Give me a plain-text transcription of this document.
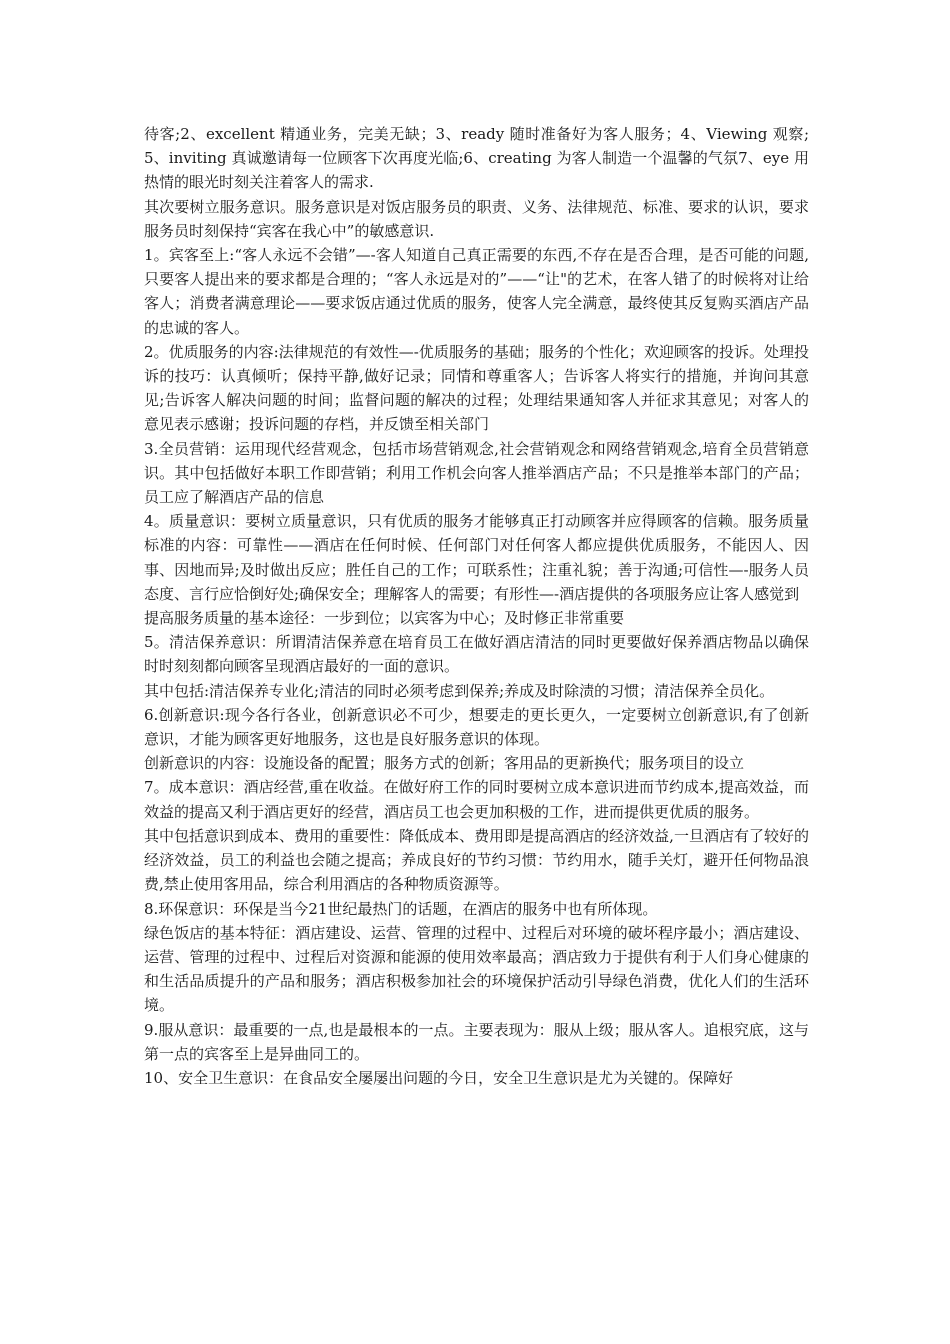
待客;2、excellent 精通业务，完美无缺；3、ready 随时准备好为客人服务；4、Viewing 观察;5、inviting 真诚邀请每一位顾客下次再度光临;6、creating 为客人制造一个温馨的气氛7、eye 用热情的眼光时刻关注着客人的需求.

其次要树立服务意识。服务意识是对饭店服务员的职责、义务、法律规范、标准、要求的认识，要求服务员时刻保持“宾客在我心中”的敏感意识.

1。宾客至上:“客人永远不会错”—-客人知道自己真正需要的东西,不存在是否合理，是否可能的问题,只要客人提出来的要求都是合理的；“客人永远是对的”——“让"的艺术，在客人错了的时候将对让给客人；消费者满意理论——要求饭店通过优质的服务，使客人完全满意，最终使其反复购买酒店产品的忠诚的客人。

2。优质服务的内容:法律规范的有效性—-优质服务的基础；服务的个性化；欢迎顾客的投诉。处理投诉的技巧：认真倾听；保持平静,做好记录；同情和尊重客人；告诉客人将实行的措施，并询问其意见;告诉客人解决问题的时间；监督问题的解决的过程；处理结果通知客人并征求其意见；对客人的意见表示感谢；投诉问题的存档，并反馈至相关部门

3.全员营销：运用现代经营观念，包括市场营销观念,社会营销观念和网络营销观念,培育全员营销意识。其中包括做好本职工作即营销；利用工作机会向客人推举酒店产品；不只是推举本部门的产品；员工应了解酒店产品的信息

4。质量意识：要树立质量意识，只有优质的服务才能够真正打动顾客并应得顾客的信赖。服务质量标准的内容：可靠性——酒店在任何时候、任何部门对任何客人都应提供优质服务，不能因人、因事、因地而异;及时做出反应；胜任自己的工作；可联系性；注重礼貌；善于沟通;可信性—-服务人员态度、言行应恰倒好处;确保安全；理解客人的需要；有形性—-酒店提供的各项服务应让客人感觉到

提高服务质量的基本途径：一步到位；以宾客为中心；及时修正非常重要

5。清洁保养意识：所谓清洁保养意在培育员工在做好酒店清洁的同时更要做好保养酒店物品以确保时时刻刻都向顾客呈现酒店最好的一面的意识。

其中包括:清洁保养专业化;清洁的同时必须考虑到保养;养成及时除渍的习惯；清洁保养全员化。

6.创新意识:现今各行各业，创新意识必不可少，想要走的更长更久，一定要树立创新意识,有了创新意识，才能为顾客更好地服务，这也是良好服务意识的体现。

创新意识的内容：设施设备的配置；服务方式的创新；客用品的更新换代；服务项目的设立

7。成本意识：酒店经营,重在收益。在做好府工作的同时要树立成本意识进而节约成本,提高效益，而效益的提高又利于酒店更好的经营，酒店员工也会更加积极的工作，进而提供更优质的服务。

其中包括意识到成本、费用的重要性：降低成本、费用即是提高酒店的经济效益,一旦酒店有了较好的经济效益，员工的利益也会随之提高；养成良好的节约习惯：节约用水，随手关灯，避开任何物品浪费,禁止使用客用品，综合利用酒店的各种物质资源等。

8.环保意识：环保是当今21世纪最热门的话题，在酒店的服务中也有所体现。

绿色饭店的基本特征：酒店建设、运营、管理的过程中、过程后对环境的破坏程序最小；酒店建设、运营、管理的过程中、过程后对资源和能源的使用效率最高；酒店致力于提供有利于人们身心健康的和生活品质提升的产品和服务；酒店积极参加社会的环境保护活动引导绿色消费，优化人们的生活环境。

9.服从意识：最重要的一点,也是最根本的一点。主要表现为：服从上级；服从客人。追根究底，这与第一点的宾客至上是异曲同工的。

10、安全卫生意识：在食品安全屡屡出问题的今日，安全卫生意识是尤为关键的。保障好
